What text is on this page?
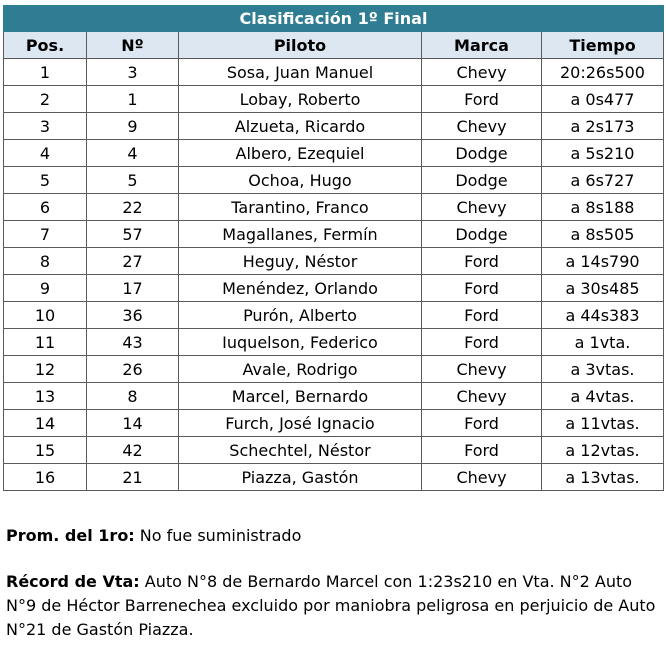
Clasificación 1º Final				
Pos.	Nº	Piloto	Marca	Tiempo
1	3	Sosa, Juan Manuel	Chevy	20:26s500
2	1	Lobay, Roberto	Ford	a 0s477
3	9	Alzueta, Ricardo	Chevy	a 2s173
4	4	Albero, Ezequiel	Dodge	a 5s210
5	5	Ochoa, Hugo	Dodge	a 6s727
6	22	Tarantino, Franco	Chevy	a 8s188
7	57	Magallanes, Fermín	Dodge	a 8s505
8	27	Heguy, Néstor	Ford	a 14s790
9	17	Menéndez, Orlando	Ford	a 30s485
10	36	Purón, Alberto	Ford	a 44s383
11	43	Iuquelson, Federico	Ford	a 1vta.
12	26	Avale, Rodrigo	Chevy	a 3vtas.
13	8	Marcel, Bernardo	Chevy	a 4vtas.
14	14	Furch, José Ignacio	Ford	a 11vtas.
15	42	Schechtel, Néstor	Ford	a 12vtas.
16	21	Piazza, Gastón	Chevy	a 13vtas.

Prom. del 1ro: No fue suministrado

Récord de Vta: Auto N°8 de Bernardo Marcel con 1:23s210 en Vta. N°2 Auto N°9 de Héctor Barrenechea excluido por maniobra peligrosa en perjuicio de Auto N°21 de Gastón Piazza.
